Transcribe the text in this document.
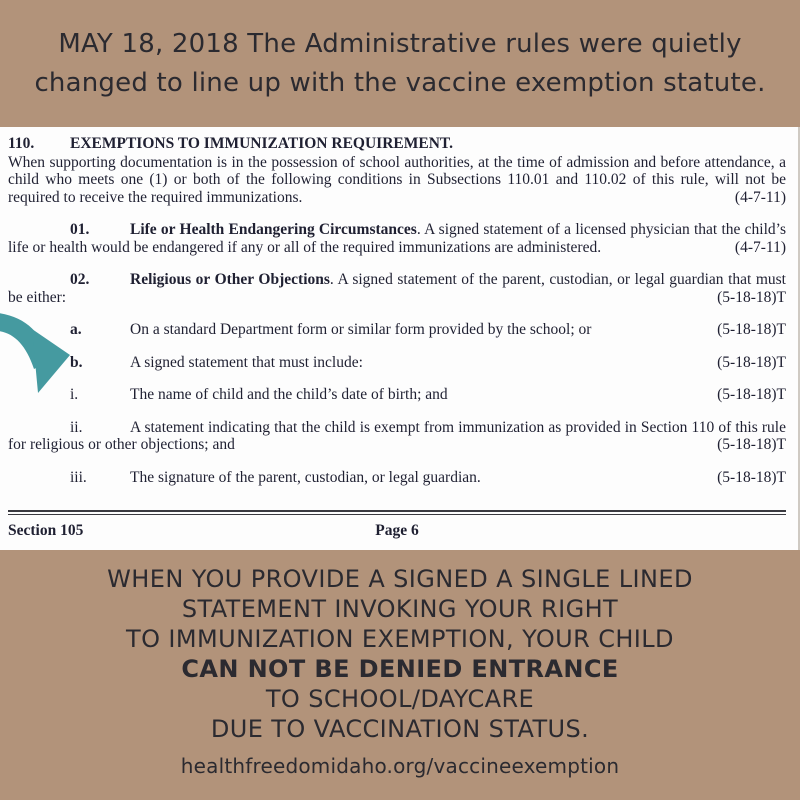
MAY 18, 2018 The Administrative rules were quietly
changed to line up with the vaccine exemption statute.
110. EXEMPTIONS TO IMMUNIZATION REQUIREMENT.

When supporting documentation is in the possession of school authorities, at the time of admission and before attendance, a child who meets one (1) or both of the following conditions in Subsections 110.01 and 110.02 of this rule, will not be required to receive the required immunizations.	(4-7-11)

01.	Life or Health Endangering Circumstances. A signed statement of a licensed physician that the child’s life or health would be endangered if any or all of the required immunizations are administered.	(4-7-11)

02.	Religious or Other Objections. A signed statement of the parent, custodian, or legal guardian that must be either:	(5-18-18)T

a.	On a standard Department form or similar form provided by the school; or	(5-18-18)T

b.	A signed statement that must include:	(5-18-18)T

i.	The name of child and the child’s date of birth; and	(5-18-18)T

ii.	A statement indicating that the child is exempt from immunization as provided in Section 110 of this rule for religious or other objections; and	(5-18-18)T

iii.	The signature of the parent, custodian, or legal guardian.	(5-18-18)T

Section 105	Page 6
WHEN YOU PROVIDE A SIGNED A SINGLE LINED
STATEMENT INVOKING YOUR RIGHT
TO IMMUNIZATION EXEMPTION, YOUR CHILD
CAN NOT BE DENIED ENTRANCE
TO SCHOOL/DAYCARE
DUE TO VACCINATION STATUS.
healthfreedomidaho.org/vaccineexemption
